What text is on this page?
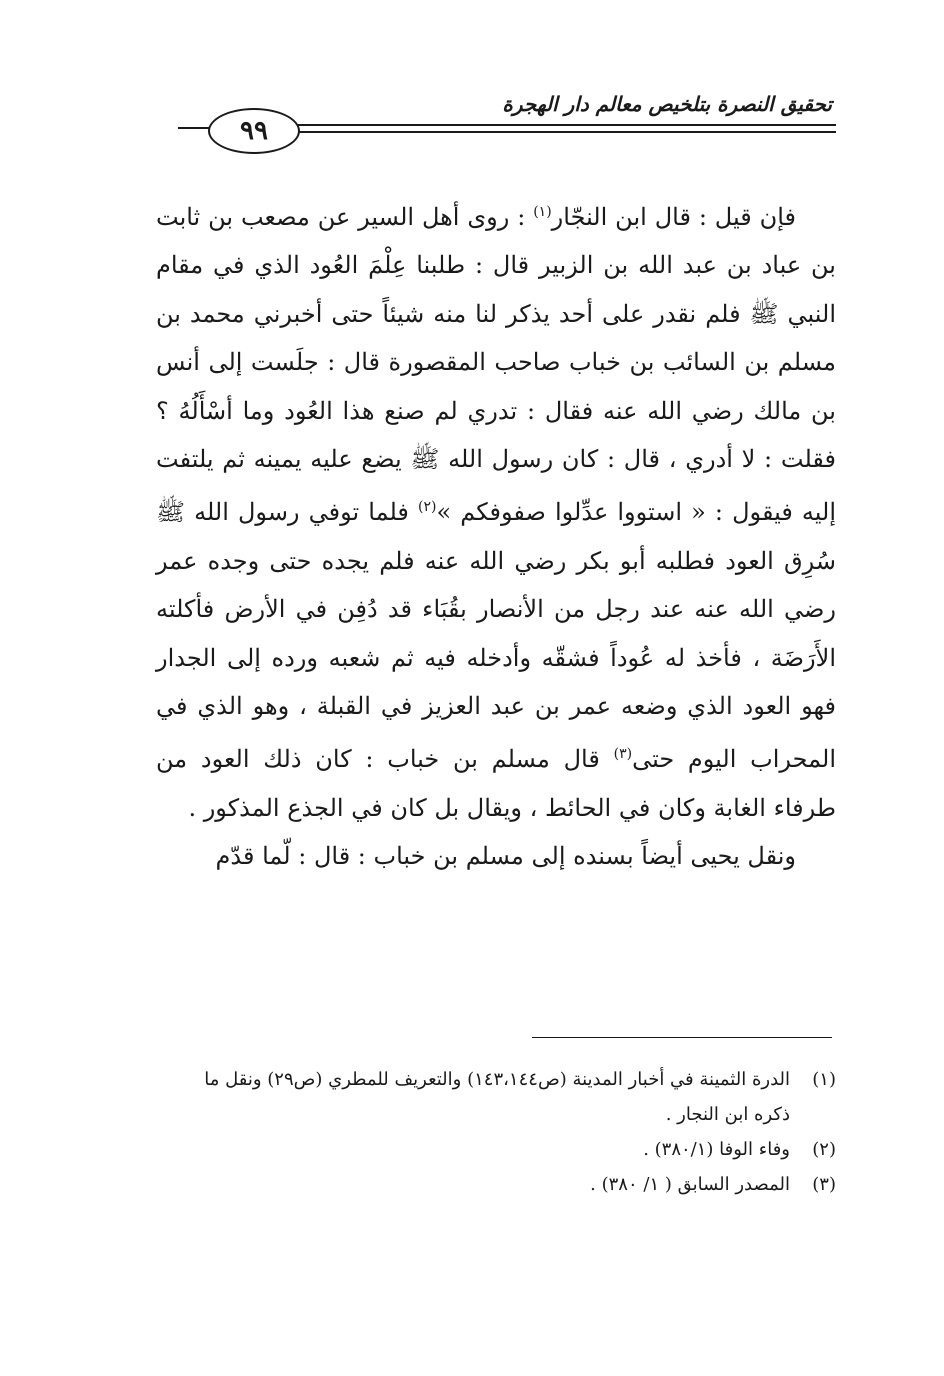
تحقيق النصرة بتلخيص معالم دار الهجرة
٩٩

فإن قيل : قال ابن النجّار$^{(١)}$ : روى أهل السير عن مصعب بن ثابت بن عباد بن عبد الله بن الزبير قال : طلبنا عِلْمَ العُود الذي في مقام النبي ﷺ فلم نقدر على أحد يذكر لنا منه شيئاً حتى أخبرني محمد بن مسلم بن السائب بن خباب صاحب المقصورة قال : جلَست إلى أنس بن مالك رضي الله عنه فقال : تدري لم صنع هذا العُود وما أسْأَلُهُ ؟ فقلت : لا أدري ، قال : كان رسول الله ﷺ يضع عليه يمينه ثم يلتفت إليه فيقول : « استووا عدِّلوا صفوفكم »$^{(٢)}$ فلما توفي رسول الله ﷺ سُرِق العود فطلبه أبو بكر رضي الله عنه فلم يجده حتى وجده عمر رضي الله عنه عند رجل من الأنصار بقُبَاء قد دُفِن في الأرض فأكلته الأَرَضَة ، فأخذ له عُوداً فشقّه وأدخله فيه ثم شعبه ورده إلى الجدار فهو العود الذي وضعه عمر بن عبد العزيز في القبلة ، وهو الذي في المحراب اليوم حتى$^{(٣)}$ قال مسلم بن خباب : كان ذلك العود من طرفاء الغابة وكان في الحائط ، ويقال بل كان في الجذع المذكور .

ونقل يحيى أيضاً بسنده إلى مسلم بن خباب : قال : لّما قدّم

(١)الدرة الثمينة في أخبار المدينة (ص١٤٣،١٤٤) والتعريف للمطري (ص٢٩) ونقل ما

ذكره ابن النجار .

(٢)وفاء الوفا (٣٨٠/١) .

(٣)المصدر السابق ( ١/ ٣٨٠) .
